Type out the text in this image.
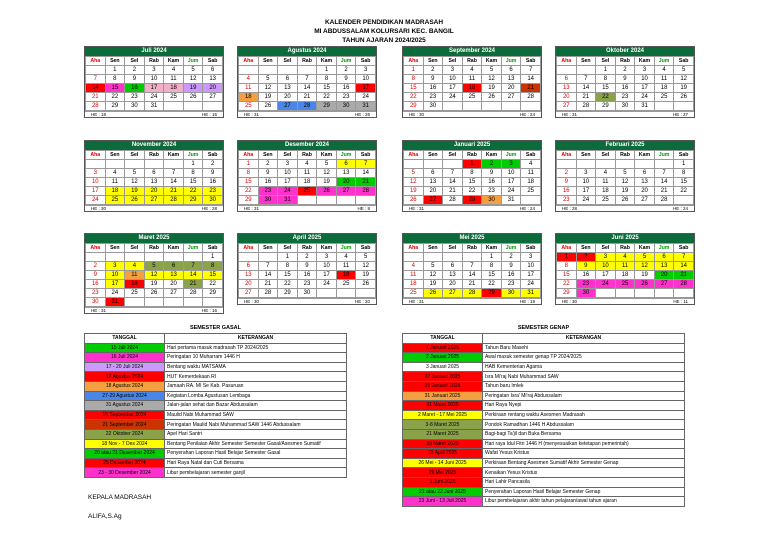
KALENDER PENDIDIKAN MADRASAH
MI ABDUSSALAM KOLURSARI KEC. BANGIL
TAHUN AJARAN 2024/2025
Juli 2024
Aha	Sen	Sel	Rab	Kam	Jum	Sab
	1	2	3	4	5	6
7	8	9	10	11	12	13
14	15	16	17	18	19	20
21	22	23	24	25	26	27
28	29	30	31			
HE : 18	HE : 15
Agustus 2024
Aha	Sen	Sel	Rab	Kam	Jum	Sab
				1	2	3
4	5	6	7	8	9	10
11	12	13	14	15	16	17
18	19	20	21	22	23	24
25	26	27	28	29	30	31
HE : 31	HE : 26
September 2024
Aha	Sen	Sel	Rab	Kam	Jum	Sab
1	2	3	4	5	6	7
8	9	10	11	12	13	14
15	16	17	18	19	20	21
22	23	24	25	26	27	28
29	30					
HE : 30	HE : 24
Oktober 2024
Aha	Sen	Sel	Rab	Kam	Jum	Sab
		1	2	3	4	5
6	7	8	9	10	11	12
13	14	15	16	17	18	19
20	21	22	23	24	25	26
27	28	29	30	31		
HE : 31	HE : 27
November 2024
Aha	Sen	Sel	Rab	Kam	Jum	Sab
					1	2
3	4	5	6	7	8	9
10	11	12	13	14	15	16
17	18	19	20	21	22	23
24	25	26	27	28	29	30
HE : 30	HE : 28
Desember 2024
Aha	Sen	Sel	Rab	Kam	Jum	Sab
1	2	3	4	5	6	7
8	9	10	11	12	13	14
15	16	17	18	19	20	21
22	23	24	25	26	27	28
29	30	31				
HE : 31	HE : 8
Januari 2025
Aha	Sen	Sel	Rab	Kam	Jum	Sab
			1	2	3	4
5	6	7	8	9	10	11
12	13	14	15	16	17	18
19	20	21	22	23	24	25
26	27	28	29	30	31	
HE : 31	HE : 24
Februari 2025
Aha	Sen	Sel	Rab	Kam	Jum	Sab
						1
2	3	4	5	6	7	8
9	10	11	12	13	14	15
16	17	18	19	20	21	22
23	24	25	26	27	28	
HE : 28	HE : 24
Maret 2025
Aha	Sen	Sel	Rab	Kam	Jum	Sab
						1
2	3	4	5	6	7	8
9	10	11	12	13	14	15
16	17	18	19	20	21	22
23	24	25	26	27	28	29
30	31					
HE : 31	HE : 16
April 2025
Aha	Sen	Sel	Rab	Kam	Jum	Sab
		1	2	3	4	5
6	7	8	9	10	11	12
13	14	15	16	17	18	19
20	21	22	23	24	25	26
27	28	29	30			
HE : 30	HE : 20
Mei 2025
Aha	Sen	Sel	Rab	Kam	Jum	Sab
				1	2	3
4	5	6	7	8	9	10
11	12	13	14	15	16	17
18	19	20	21	22	23	24
25	26	27	28	29	30	31
HE : 31	HE : 19
Juni 2025
Aha	Sen	Sel	Rab	Kam	Jum	Sab
1	2	3	4	5	6	7
8	9	10	11	12	13	14
15	16	17	18	19	20	21
22	23	24	25	26	27	28
29	30					
HE : 30	HE : 11
SEMESTER GASAL
TANGGAL	KETERANGAN
15 Juli 2024	Hari pertama masuk madrasah TP 2024/2025
16 Juli 2024	Peringatan 10 Muharram 1446 H
17 - 20 Juli 2024	Bentang waktu MATSAMA
17 Agustus 2024	HUT Kemerdekaan RI
18 Agustus 2024	Jamaah RA. MI Se Kab. Pasuruan
27-29 Agustus 2024	Kegiatan Lomba Agustusan Lembaga
31 Agustus 2024	Jalan-jalan sehat dan Bazar Abdussalam
16 September 2024	Maulid Nabi Muhammad SAW
21 September 2024	Peringatan Maulid Nabi Muhammad SAW 1446 Abdussalam
22 Oktober 2024	Apel Hari Santri
18 Nov - 7 Des 2024	Bentang Penilaian Akhir Semester Semester Gasal/Asesmen Sumatif
20 atau 21 Desember 2024	Penyerahan Laporan Hasil Belajar Semester Gasal
25 Desember 2024	Hari Raya Natal dan Cuti Bersama
23 - 30 Desember 2024	Libur pembelajaran semester ganjil
SEMESTER GENAP
TANGGAL	KETERANGAN
1 Januari 2025	Tahun Baru Masehi
2 Januari 2025	Awal masuk semester genap TP 2024/2025
3 Januari 2025	HAB Kementerian Agama
27 Januari 2025	Isra Mi'raj Nabi Muhammad SAW
29 Januari 2025	Tahun baru Imlek
31 Januari 2025	Peringatan Isra' Mi'raj Abdussalam
31 Maret 2025	Hari Raya Nyepi
2 Maret - 17 Mei 2025	Perkiraan rentang waktu Asesmen Madrasah
3-8 Maret 2025	Pondok Ramadhan 1446 H Abdussalam
21 Maret 2025	Bagi-bagi Ta'jil dan Buka Bersama
30 Maret 2025	Hari raya Idul Fitri 1446 H (menyesuaikan ketetapan pemerintah)
18 April 2025	Wafat Yesus Kristus
26 Mei - 14 Juni 2025	Perkiraan Bentang Asesmen Sumatif Akhir Semester Genap
29 Mei 2025	Kenaikan Yesus Kristus
1 Juni 2025	Hari Lahir Pancasila
21 atau 22 Juni 2025	Penyerahan Laporan Hasil Belajar Semester Genap
23 Juni - 13 Juli 2025	Libur pembelajaran akhir tahun pelajaran/awal tahun ajaran
KEPALA MADRASAH
ALIFA,S.Ag
